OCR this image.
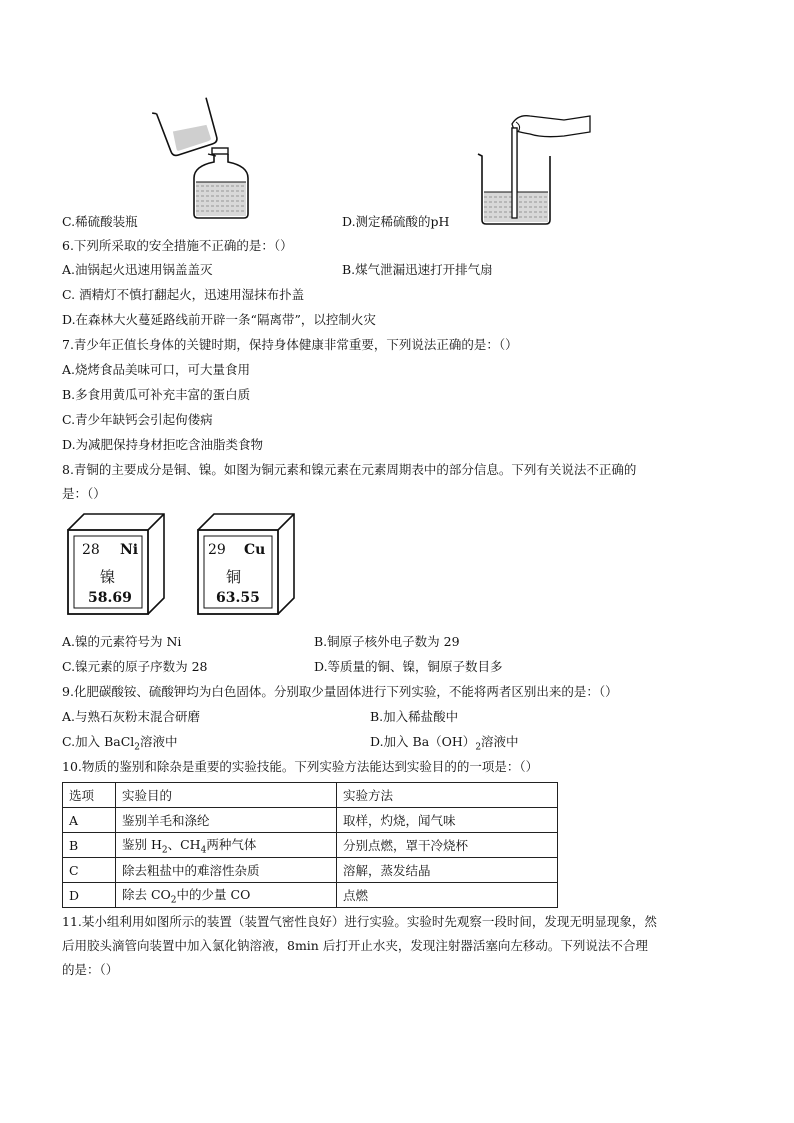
C.稀硫酸装瓶	D.测定稀硫酸的pH
6.下列所采取的安全措施不正确的是：（）
A.油锅起火迅速用锅盖盖灭	B.煤气泄漏迅速打开排气扇
C. 酒精灯不慎打翻起火，迅速用湿抹布扑盖
D.在森林大火蔓延路线前开辟一条“隔离带”，以控制火灾
7.青少年正值长身体的关键时期，保持身体健康非常重要，下列说法正确的是：（）
A.烧烤食品美味可口，可大量食用
B.多食用黄瓜可补充丰富的蛋白质
C.青少年缺钙会引起佝偻病
D.为减肥保持身材拒吃含油脂类食物
8.青铜的主要成分是铜、镍。如图为铜元素和镍元素在元素周期表中的部分信息。下列有关说法不正确的
是：（）
28 Ni
镍
58.69
29 Cu
铜
63.55
A.镍的元素符号为 Ni	B.铜原子核外电子数为 29
C.镍元素的原子序数为 28	D.等质量的铜、镍，铜原子数目多
9.化肥碳酸铵、硫酸钾均为白色固体。分别取少量固体进行下列实验，不能将两者区别出来的是：（）
A.与熟石灰粉末混合研磨	B.加入稀盐酸中
C.加入 BaCl$_2$溶液中	D.加入 $Ba(OH)_2$溶液中
10.物质的鉴别和除杂是重要的实验技能。下列实验方法能达到实验目的的一项是：（）
选项	实验目的	实验方法
A	鉴别羊毛和涤纶	取样，灼烧，闻气味
B	鉴别 $H_2$、$CH_4$两种气体	分别点燃，罩干冷烧杯
C	除去粗盐中的难溶性杂质	溶解，蒸发结晶
D	除去 $CO_2$中的少量 CO	点燃
11.某小组利用如图所示的装置（装置气密性良好）进行实验。实验时先观察一段时间，发现无明显现象，然
后用胶头滴管向装置中加入氯化钠溶液，8min 后打开止水夹，发现注射器活塞向左移动。下列说法不合理
的是：（）
